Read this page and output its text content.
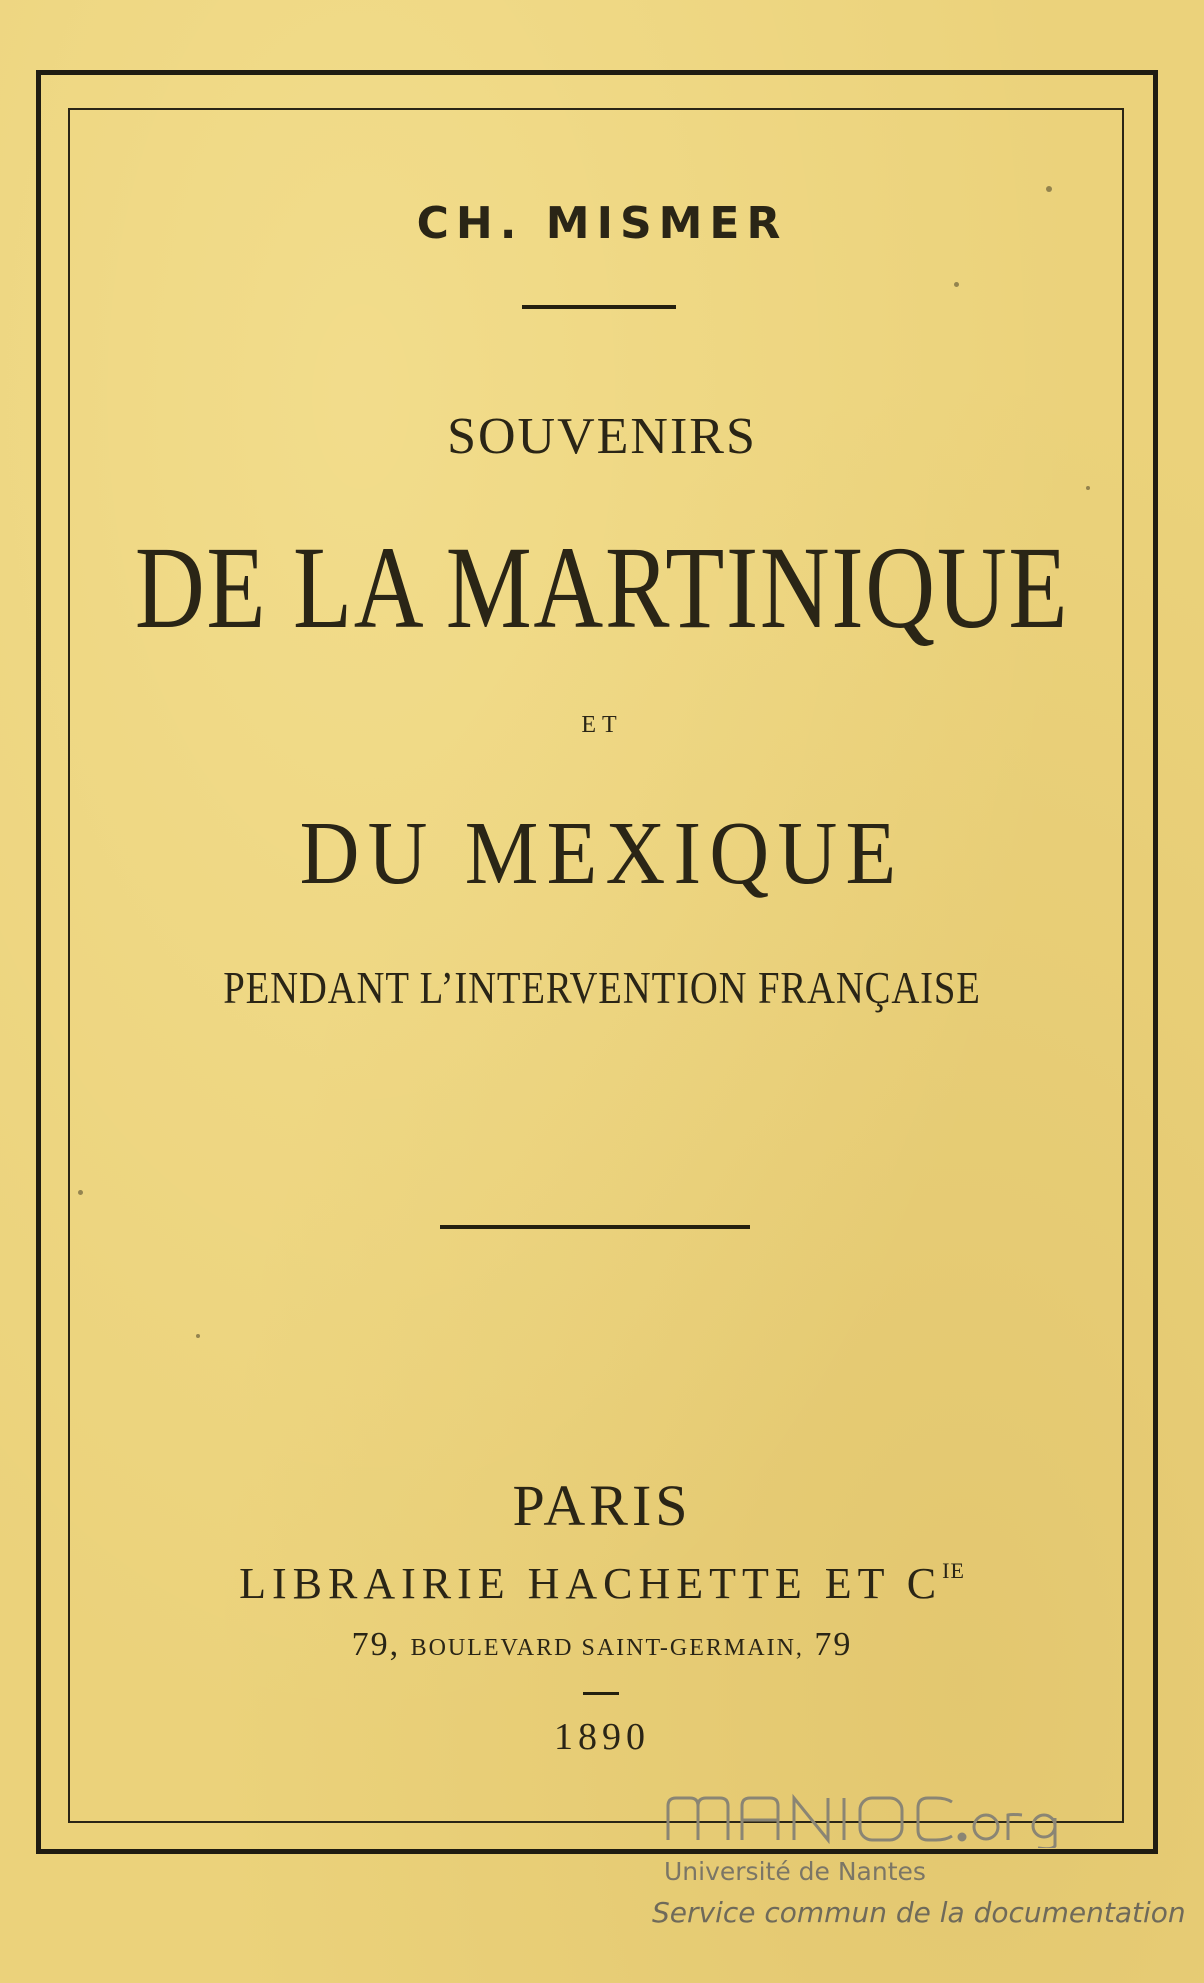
CH. MISMER
SOUVENIRS
DE LA MARTINIQUE
ET
DU MEXIQUE
PENDANT L’INTERVENTION FRANÇAISE
PARIS
LIBRAIRIE HACHETTE ET $C^{IE}$
79, BOULEVARD SAINT-GERMAIN, 79
1890
Université de Nantes
Service commun de la documentation
